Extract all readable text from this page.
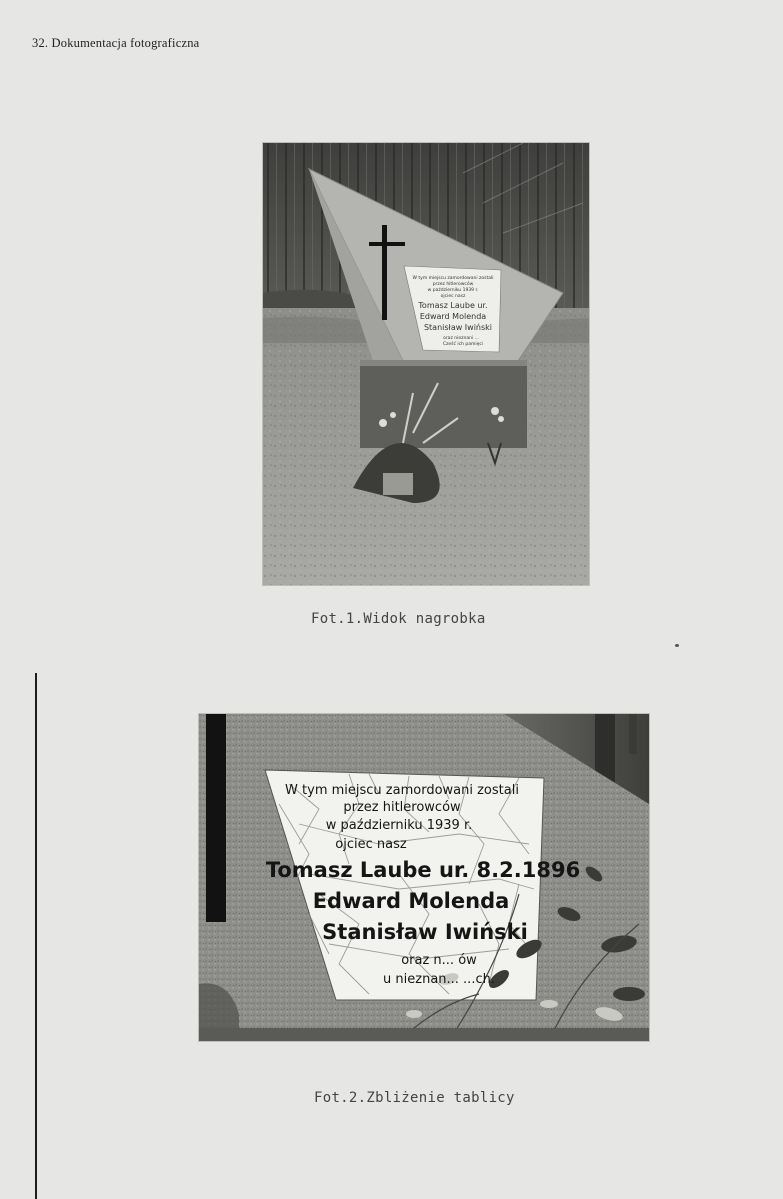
32. Dokumentacja fotograficzna
W tym miejscu zamordowani zostali
przez hitlerowców
w październiku 1939 r.
ojciec nasz
Tomasz Laube ur.
Edward Molenda
Stanisław Iwiński
oraz nieznani ...
Cześć ich pamięci
Fot.1.Widok nagrobka
W tym miejscu zamordowani zostali
przez hitlerowców
w październiku 1939 r.
ojciec nasz
Tomasz Laube ur. 8.2.1896
Edward Molenda
Stanisław Iwiński
oraz n... ów
u nieznan... ...ch.
Fot.2.Zbliżenie tablicy
